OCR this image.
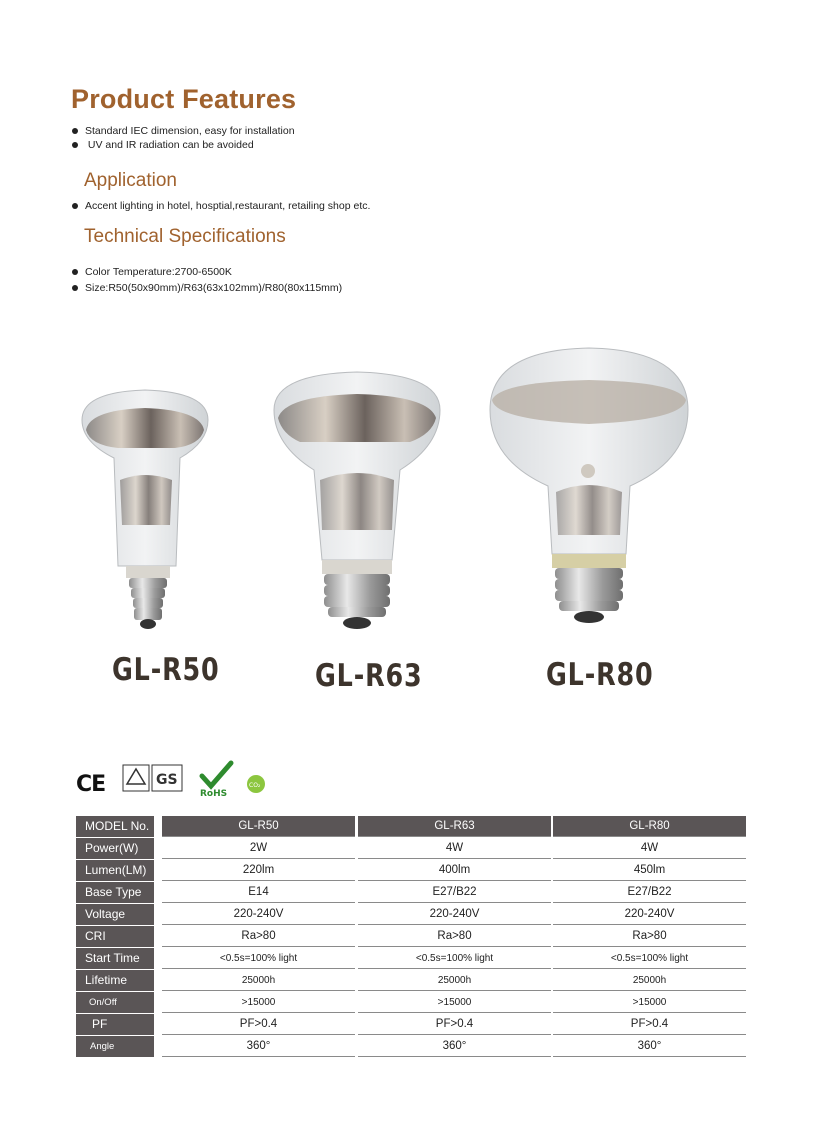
Product Features
Standard IEC dimension, easy for installation
UV and IR radiation can be avoided
Application
Accent lighting in hotel, hosptial,restaurant, retailing shop etc.
Technical Specifications
Color Temperature:2700-6500K
Size:R50(50x90mm)/R63(63x102mm)/R80(80x115mm)
GL-R50	GL-R63	GL-R80
CE	GS
RoHS
CO₂
MODEL No.	GL-R50	GL-R63	GL-R80
Power(W)	2W	4W	4W
Lumen(LM)	220lm	400lm	450lm
Base Type	E14	E27/B22	E27/B22
Voltage	220-240V	220-240V	220-240V
CRI	Ra>80	Ra>80	Ra>80
Start Time	<0.5s=100% light	<0.5s=100% light	<0.5s=100% light
Lifetime	25000h	25000h	25000h
On/Off	>15000	>15000	>15000
PF	PF>0.4	PF>0.4	PF>0.4
Angle	360°	360°	360°
